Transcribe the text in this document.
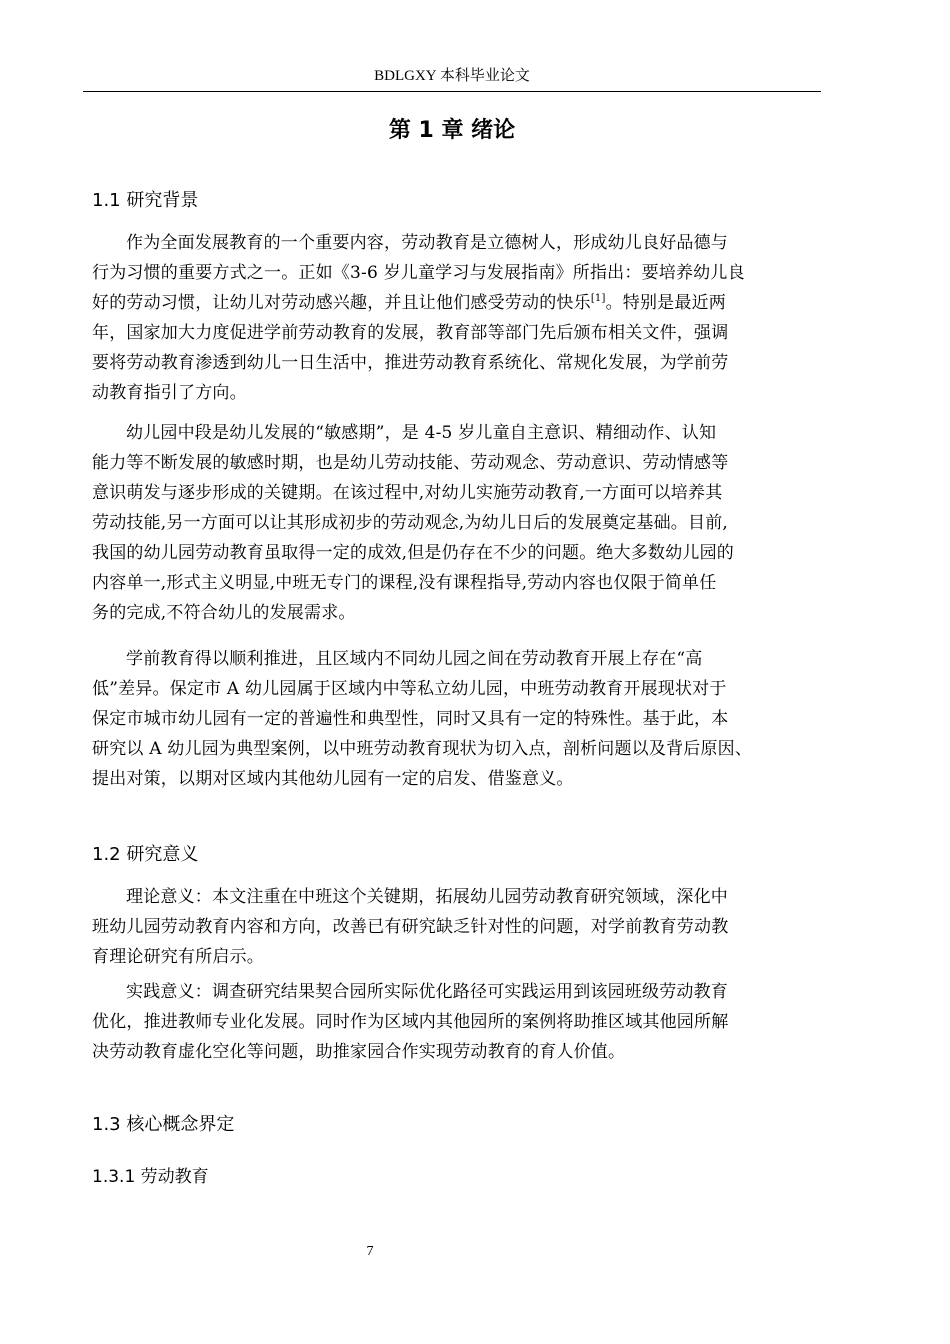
BDLGXY 本科毕业论文
第 1 章 绪论
1.1 研究背景
作为全面发展教育的一个重要内容，劳动教育是立德树人，形成幼儿良好品德与
行为习惯的重要方式之一。正如《3-6 岁儿童学习与发展指南》所指出：要培养幼儿良
好的劳动习惯，让幼儿对劳动感兴趣，并且让他们感受劳动的快乐[1]。特别是最近两
年，国家加大力度促进学前劳动教育的发展，教育部等部门先后颁布相关文件，强调
要将劳动教育渗透到幼儿一日生活中，推进劳动教育系统化、常规化发展，为学前劳
动教育指引了方向。
幼儿园中段是幼儿发展的“敏感期”，是 4-5 岁儿童自主意识、精细动作、认知
能力等不断发展的敏感时期，也是幼儿劳动技能、劳动观念、劳动意识、劳动情感等
意识萌发与逐步形成的关键期。在该过程中,对幼儿实施劳动教育,一方面可以培养其
劳动技能,另一方面可以让其形成初步的劳动观念,为幼儿日后的发展奠定基础。目前,
我国的幼儿园劳动教育虽取得一定的成效,但是仍存在不少的问题。绝大多数幼儿园的
内容单一,形式主义明显,中班无专门的课程,没有课程指导,劳动内容也仅限于简单任
务的完成,不符合幼儿的发展需求。
学前教育得以顺利推进，且区域内不同幼儿园之间在劳动教育开展上存在“高
低”差异。保定市 A 幼儿园属于区域内中等私立幼儿园，中班劳动教育开展现状对于
保定市城市幼儿园有一定的普遍性和典型性，同时又具有一定的特殊性。基于此，本
研究以 A 幼儿园为典型案例，以中班劳动教育现状为切入点，剖析问题以及背后原因、
提出对策，以期对区域内其他幼儿园有一定的启发、借鉴意义。
1.2 研究意义
理论意义：本文注重在中班这个关键期，拓展幼儿园劳动教育研究领域，深化中
班幼儿园劳动教育内容和方向，改善已有研究缺乏针对性的问题，对学前教育劳动教
育理论研究有所启示。
实践意义：调查研究结果契合园所实际优化路径可实践运用到该园班级劳动教育
优化，推进教师专业化发展。同时作为区域内其他园所的案例将助推区域其他园所解
决劳动教育虚化空化等问题，助推家园合作实现劳动教育的育人价值。
1.3 核心概念界定
1.3.1 劳动教育
7
